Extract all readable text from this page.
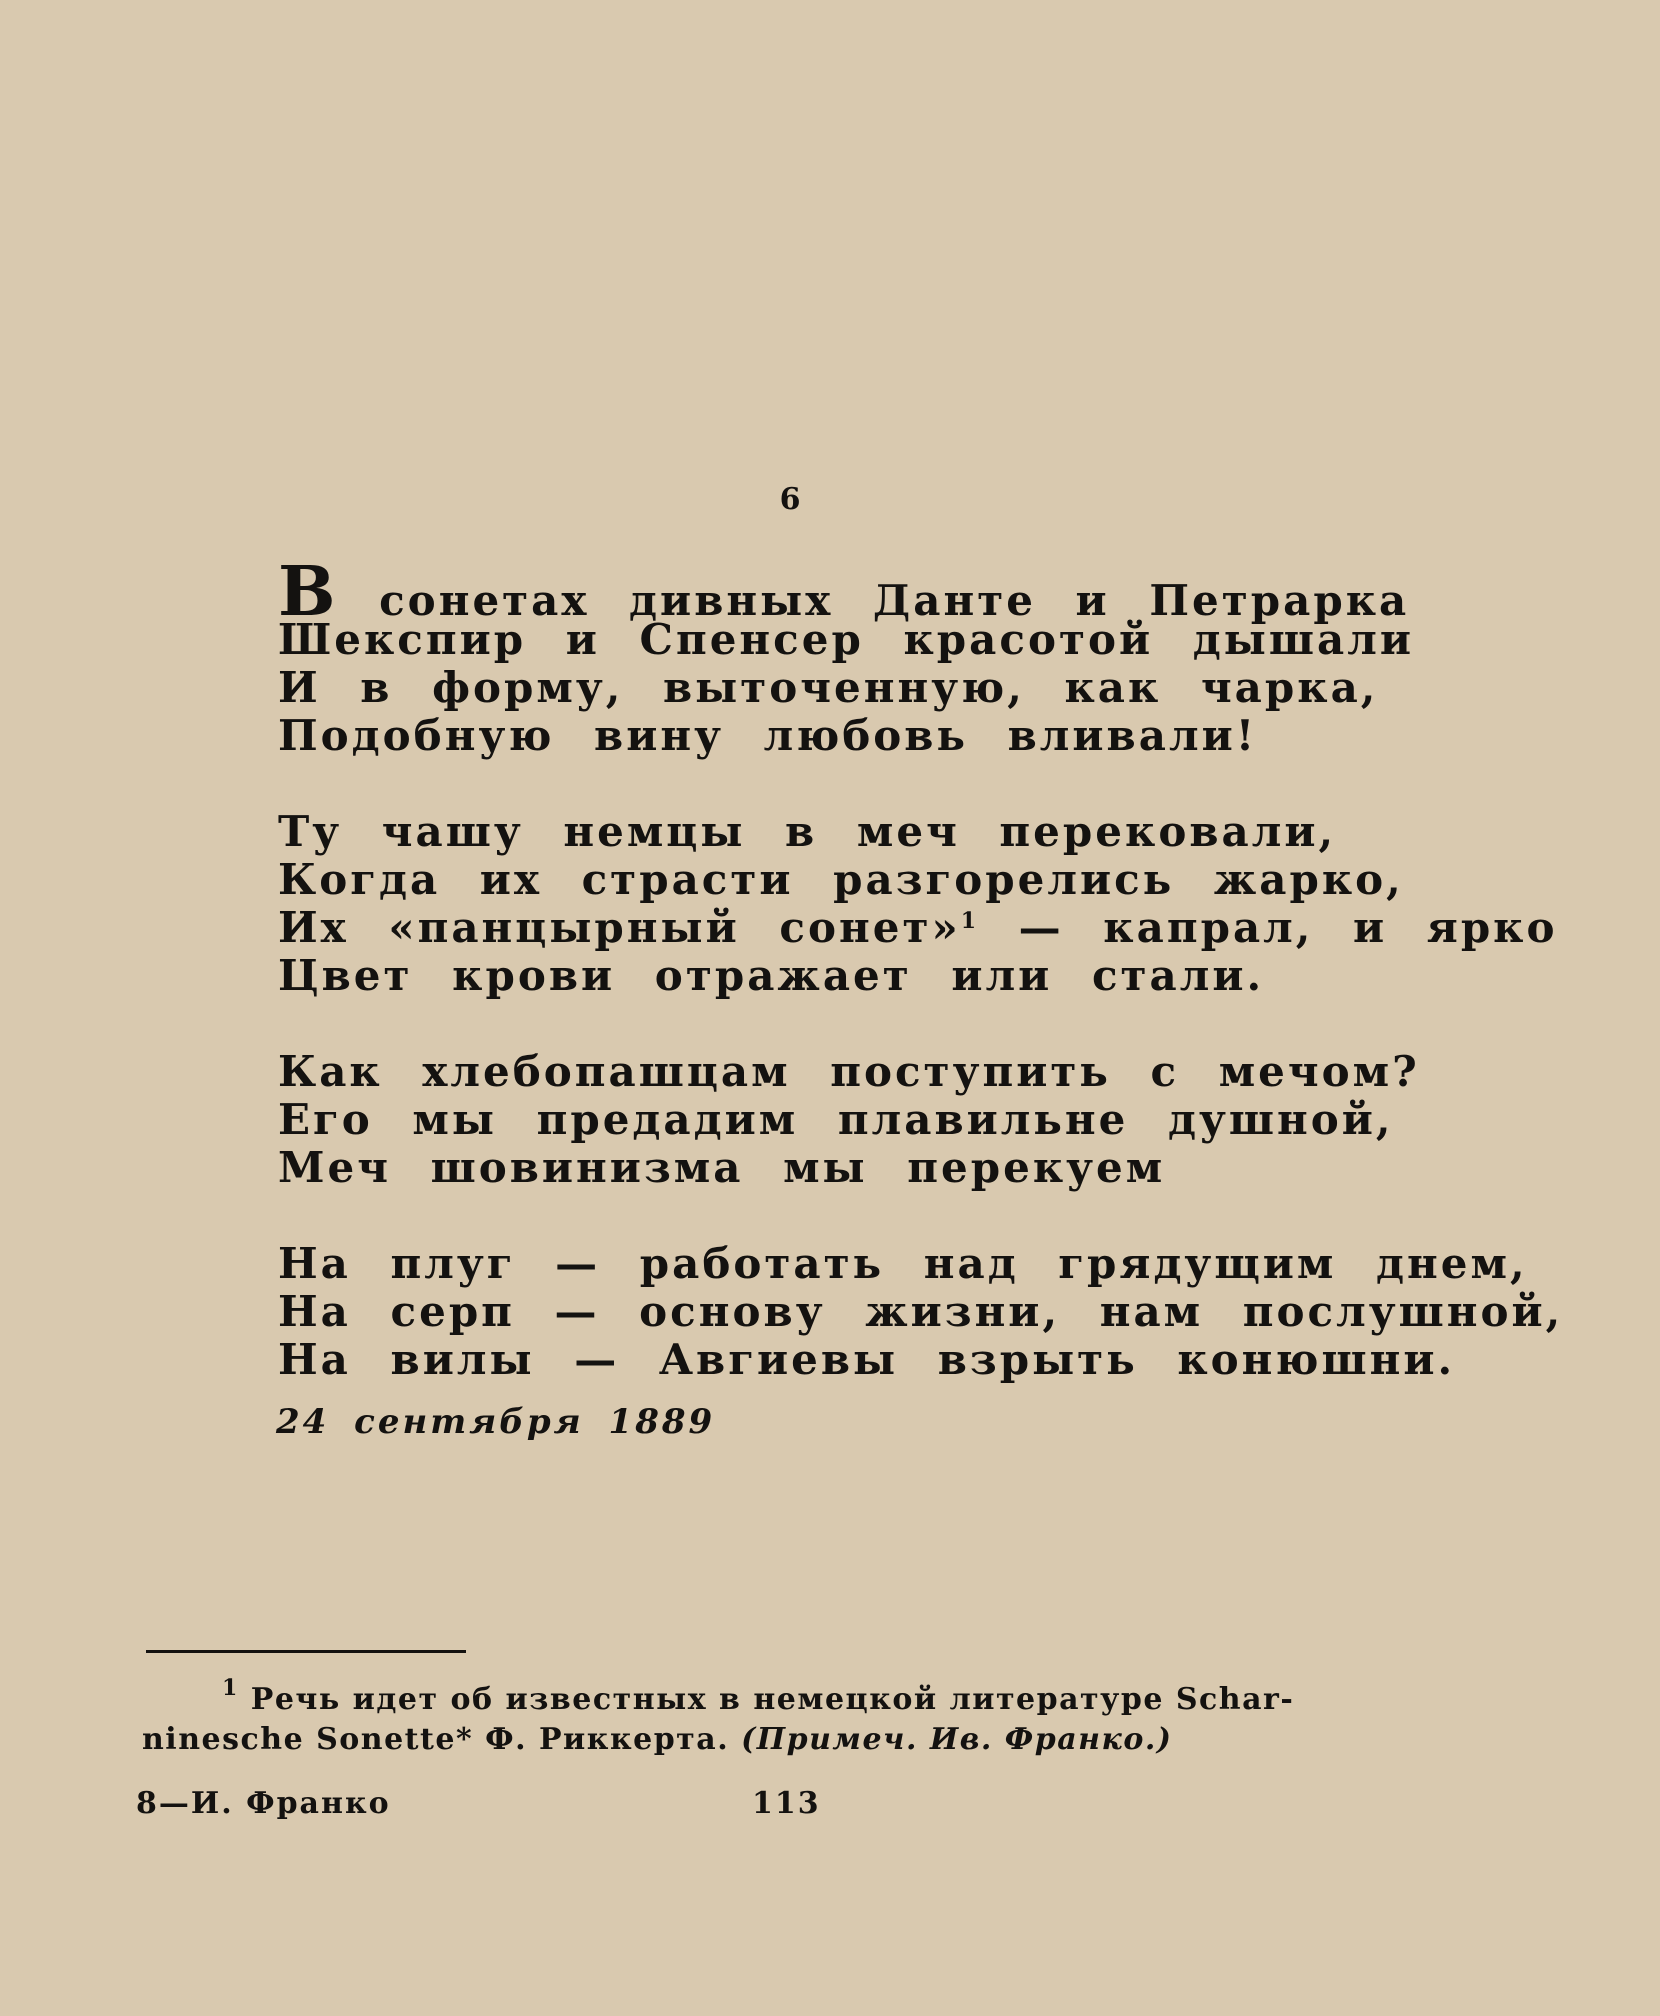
6
В сонетах дивных Данте и Петрарка
Шекспир и Спенсер красотой дышали
И в форму, выточенную, как чарка,
Подобную вину любовь вливали!
Ту чашу немцы в меч перековали,
Когда их страсти разгорелись жарко,
Их «панцырный сонет»$^1$ — капрал, и ярко
Цвет крови отражает или стали.
Как хлебопашцам поступить с мечом?
Его мы предадим плавильне душной,
Меч шовинизма мы перекуем
На плуг — работать над грядущим днем,
На серп — основу жизни, нам послушной,
На вилы — Авгиевы взрыть конюшни.
24 сентября 1889
$^1$ Речь идет об известных в немецкой литературе Schar-
ninesche Sonette* Ф. Риккерта. (Примеч. Ив. Франко.)
8—И. Франко	113
